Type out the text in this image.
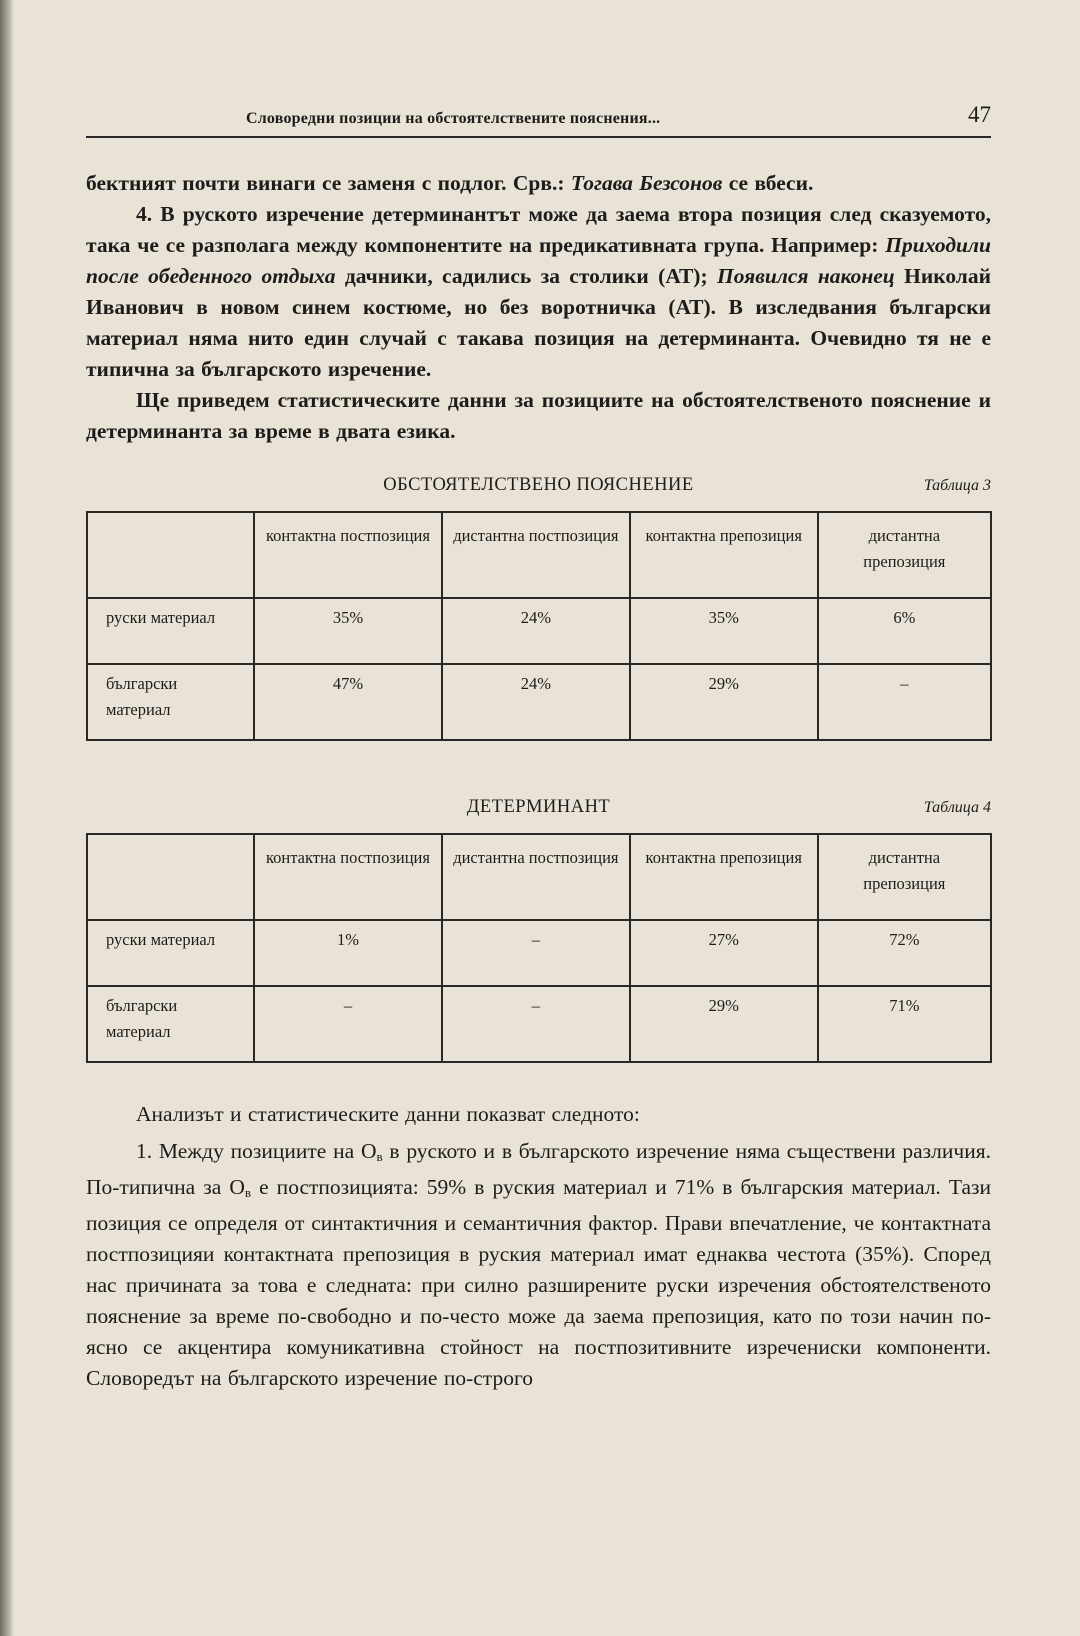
Словоредни позиции на обстоятелствените пояснения...	47

бектният почти винаги се заменя с подлог. Срв.: Тогава Безсонов се вбеси.

4. В руското изречение детерминантът може да заема втора позиция след сказуемото, така че се разполага между компонентите на предикативната група. Например: Приходили после обеденного отдыха дачники, садились за столики (АТ); Появился наконец Николай Иванович в новом синем костюме, но без воротничка (АТ). В изследвания български материал няма нито един случай с такава позиция на детерминанта. Очевидно тя не е типична за българското изречение.

Ще приведем статистическите данни за позициите на обстоятелственото пояснение и детерминанта за време в двата езика.

ОБСТОЯТЕЛСТВЕНО ПОЯСНЕНИЕ	Таблица 3
	контактна постпозиция	дистантна постпозиция	контактна препозиция	дистантна препозиция
руски материал	35%	24%	35%	6%
български материал	47%	24%	29%	–
ДЕТЕРМИНАНТ	Таблица 4
	контактна постпозиция	дистантна постпозиция	контактна препозиция	дистантна препозиция
руски материал	1%	–	27%	72%
български материал	–	–	29%	71%

Анализът и статистическите данни показват следното:

1. Между позициите на $О_в$ в руското и в българското изречение няма съществени различия. По-типична за $О_в$ е постпозицията: 59% в руския материал и 71% в българския материал. Тази позиция се определя от синтактичния и семантичния фактор. Прави впечатление, че контактната постпозицияи контактната препозиция в руския материал имат еднаква честота (35%). Според нас причината за това е следната: при силно разширените руски изречения обстоятелственото пояснение за време по-свободно и по-често може да заема препозиция, като по този начин по-ясно се акцентира комуникативна стойност на постпозитивните изречениски компоненти. Словоредът на българското изречение по-строго
